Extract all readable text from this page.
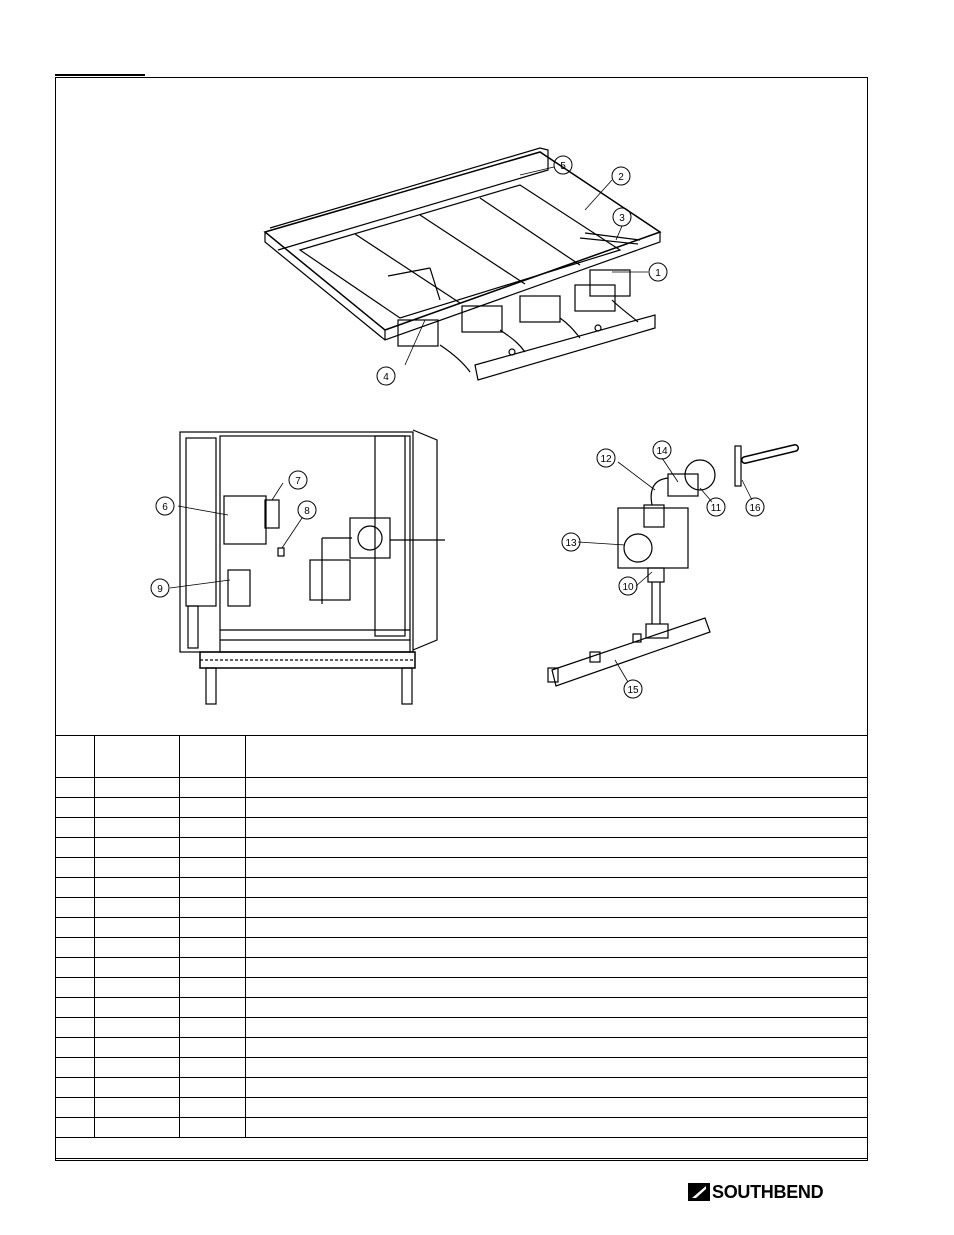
1
2
3
4
5
6
7
8
9	10
11
12
13
14
15
16

SOUTHBEND
